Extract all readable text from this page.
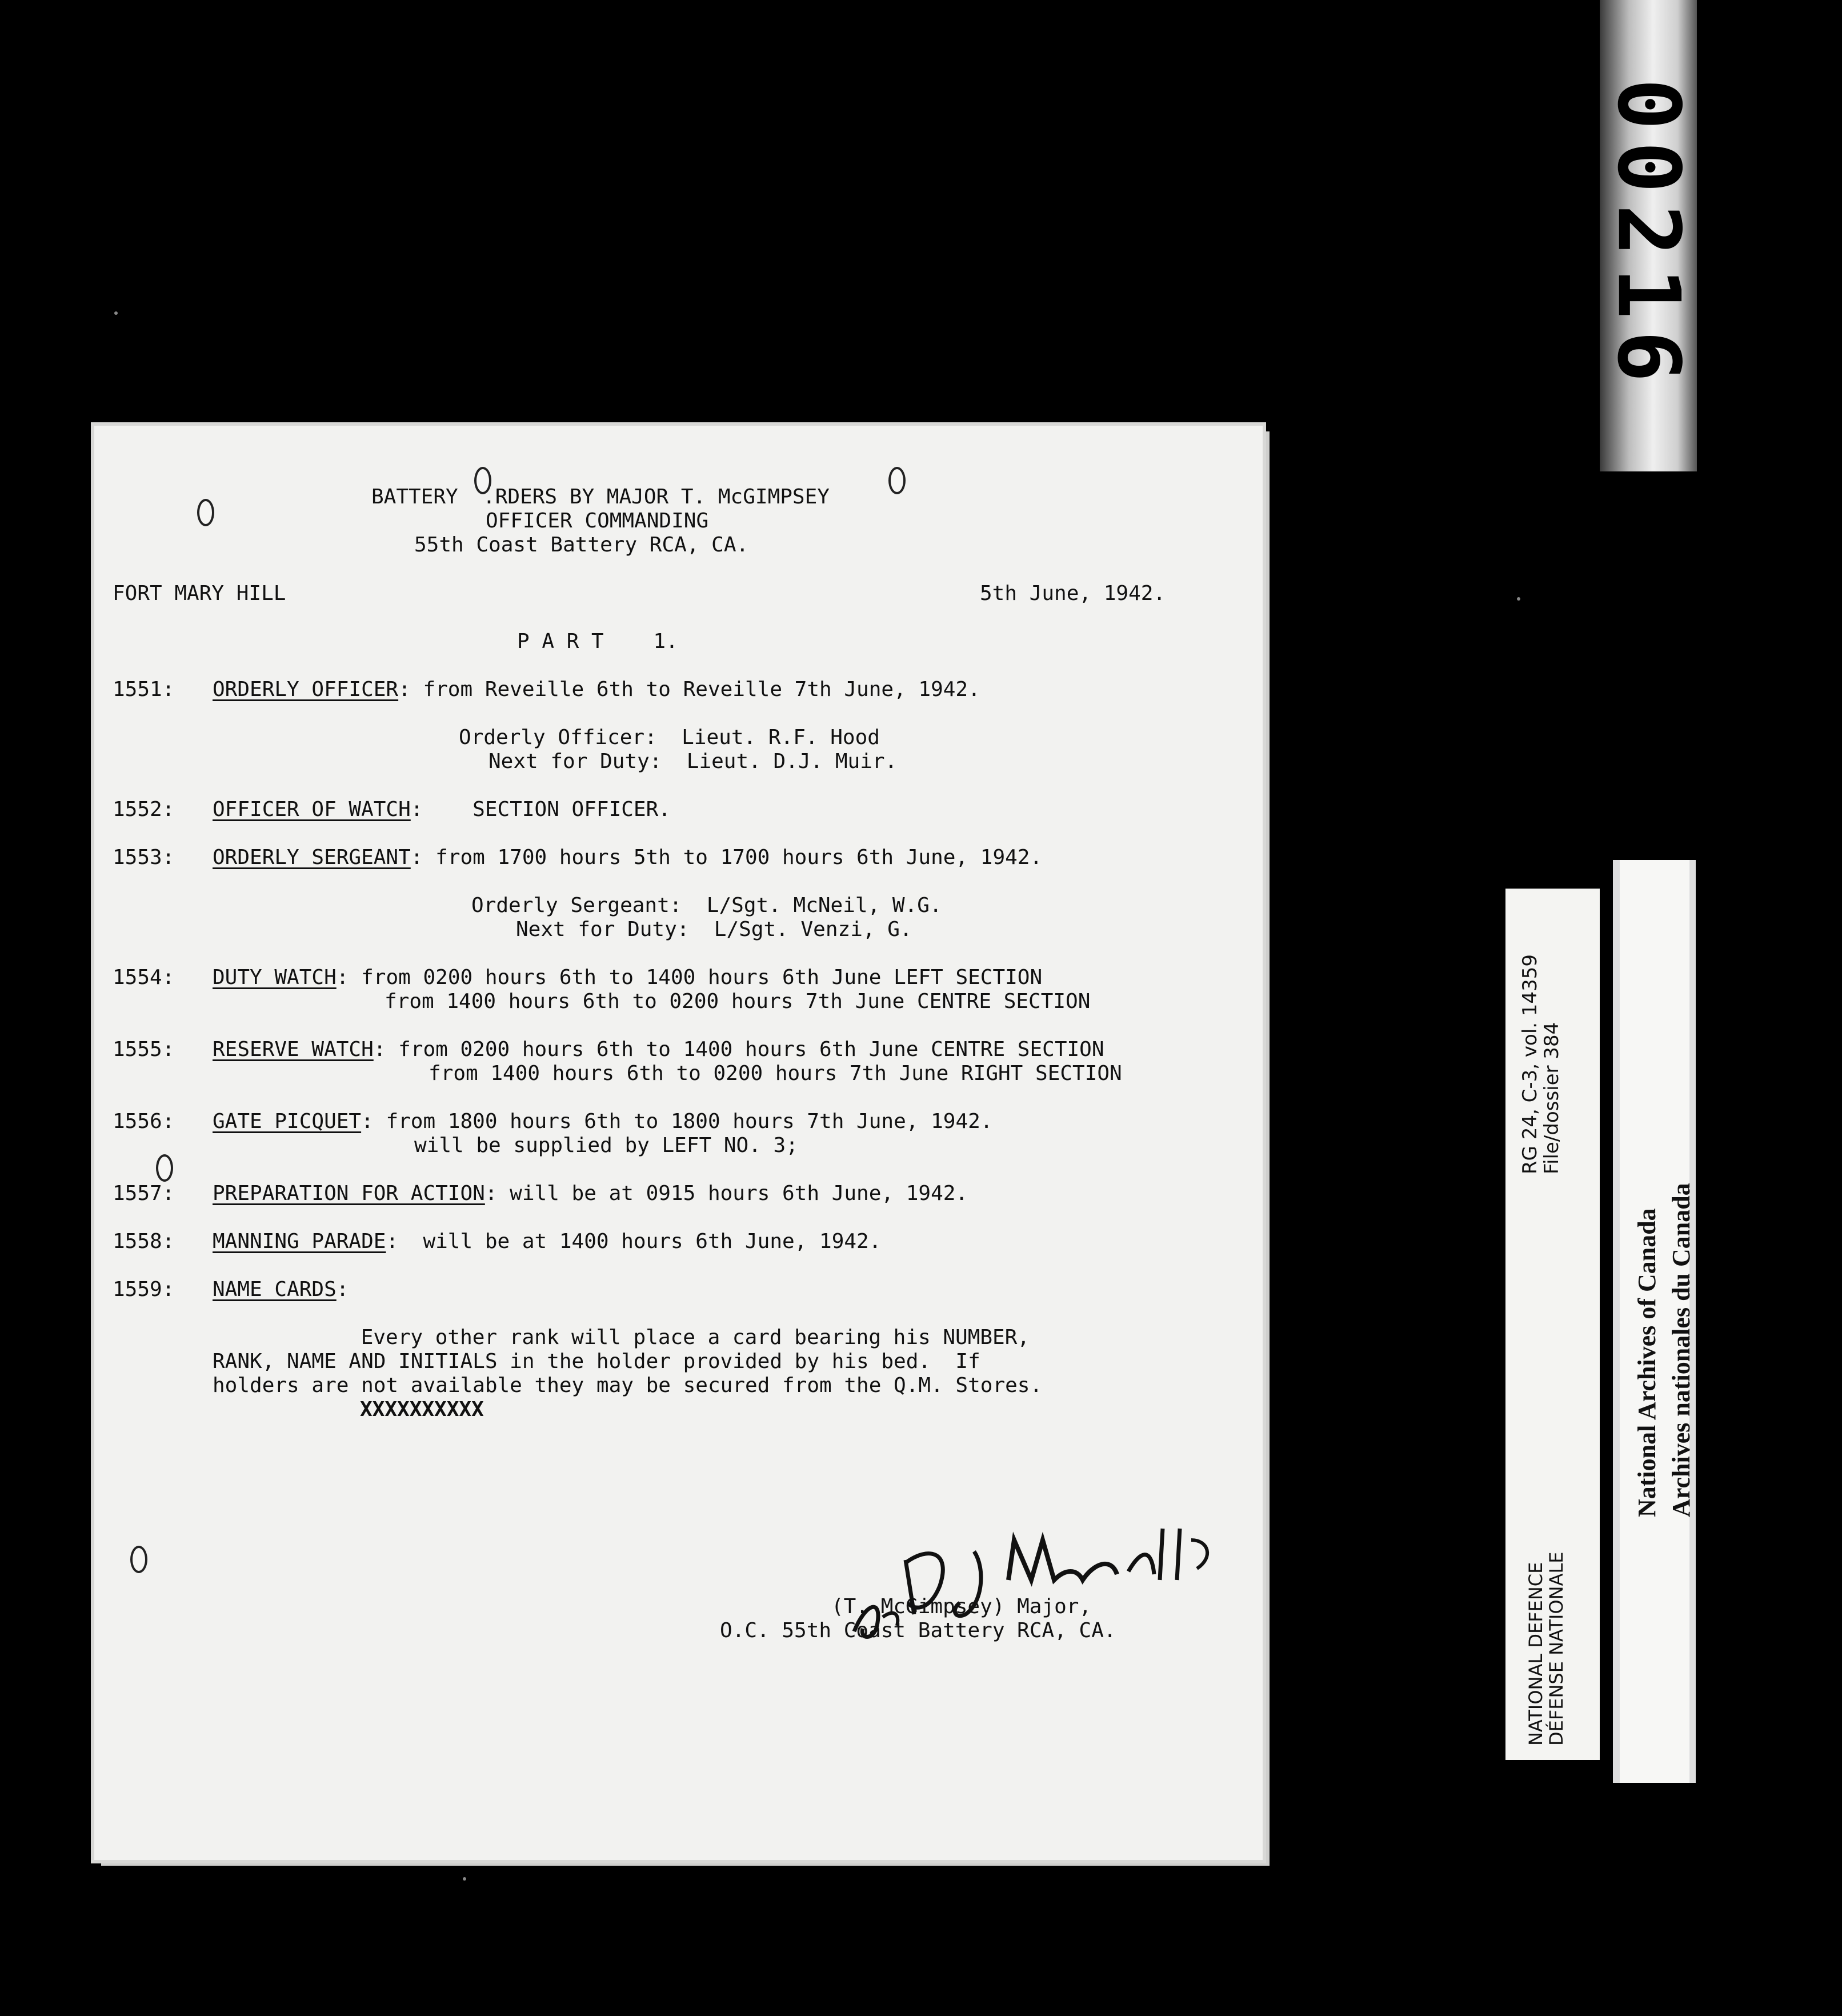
00216
BATTERY  .RDERS BY MAJOR T. McGIMPSEY
OFFICER COMMANDING
55th Coast Battery RCA, CA.
FORT MARY HILL	5th June, 1942.
P A R T    1.
1551: ORDERLY OFFICER: from Reveille 6th to Reveille 7th June, 1942.
Orderly Officer:  Lieut. R.F. Hood
Next for Duty:  Lieut. D.J. Muir.
1552: OFFICER OF WATCH:    SECTION OFFICER.
1553: ORDERLY SERGEANT: from 1700 hours 5th to 1700 hours 6th June, 1942.
Orderly Sergeant:  L/Sgt. McNeil, W.G.
Next for Duty:  L/Sgt. Venzi, G.
1554: DUTY WATCH: from 0200 hours 6th to 1400 hours 6th June LEFT SECTION
from 1400 hours 6th to 0200 hours 7th June CENTRE SECTION
1555: RESERVE WATCH: from 0200 hours 6th to 1400 hours 6th June CENTRE SECTION
from 1400 hours 6th to 0200 hours 7th June RIGHT SECTION
1556: GATE PICQUET: from 1800 hours 6th to 1800 hours 7th June, 1942.
will be supplied by LEFT NO. 3;
1557: PREPARATION FOR ACTION: will be at 0915 hours 6th June, 1942.
1558: MANNING PARADE:  will be at 1400 hours 6th June, 1942.
1559: NAME CARDS:
Every other rank will place a card bearing his NUMBER,
RANK, NAME AND INITIALS in the holder provided by his bed.  If
holders are not available they may be secured from the Q.M. Stores.
XXXXXXXXXX
(T. McGimpsey) Major,
O.C. 55th Coast Battery RCA, CA.
RG 24, C-3, vol. 14359
File/dossier 384
NATIONAL DEFENCE
DÉFENSE NATIONALE
National Archives of Canada Archives nationales du Canada
